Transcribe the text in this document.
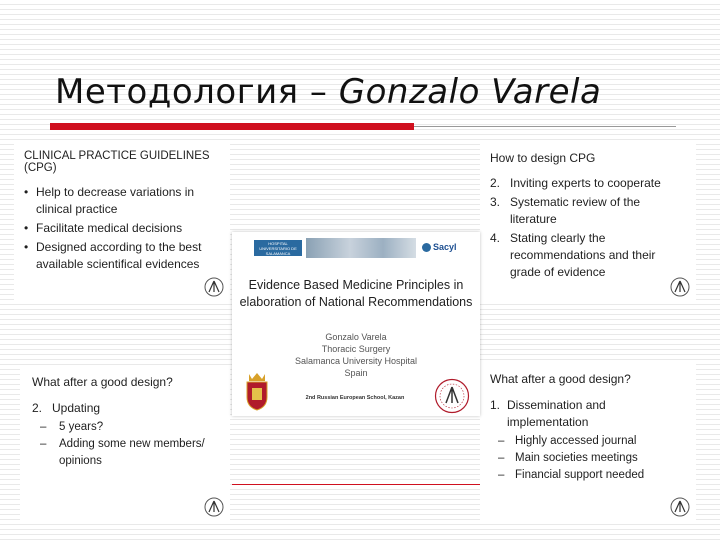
Методология – Gonzalo Varela
CLINICAL PRACTICE GUIDELINES (CPG)
• Help to decrease variations in clinical practice
• Facilitate medical decisions
• Designed according to the best available scientifical evidences
How to design CPG
2. Inviting experts to cooperate
3. Systematic review of the literature
4. Stating clearly the recommendations and their grade of evidence
What after a good design?
2. Updating
– 5 years?
– Adding some new members/ opinions
What after a good design?
1. Dissemination and implementation
– Highly accessed journal
– Main societies meetings
– Financial support needed
HOSPITAL UNIVERSITARIO DE SALAMANCA
Sacyl
Evidence Based Medicine Principles in elaboration of National Recommendations
Gonzalo Varela
Thoracic Surgery
Salamanca University Hospital
Spain
2nd Russian European School, Kazan
